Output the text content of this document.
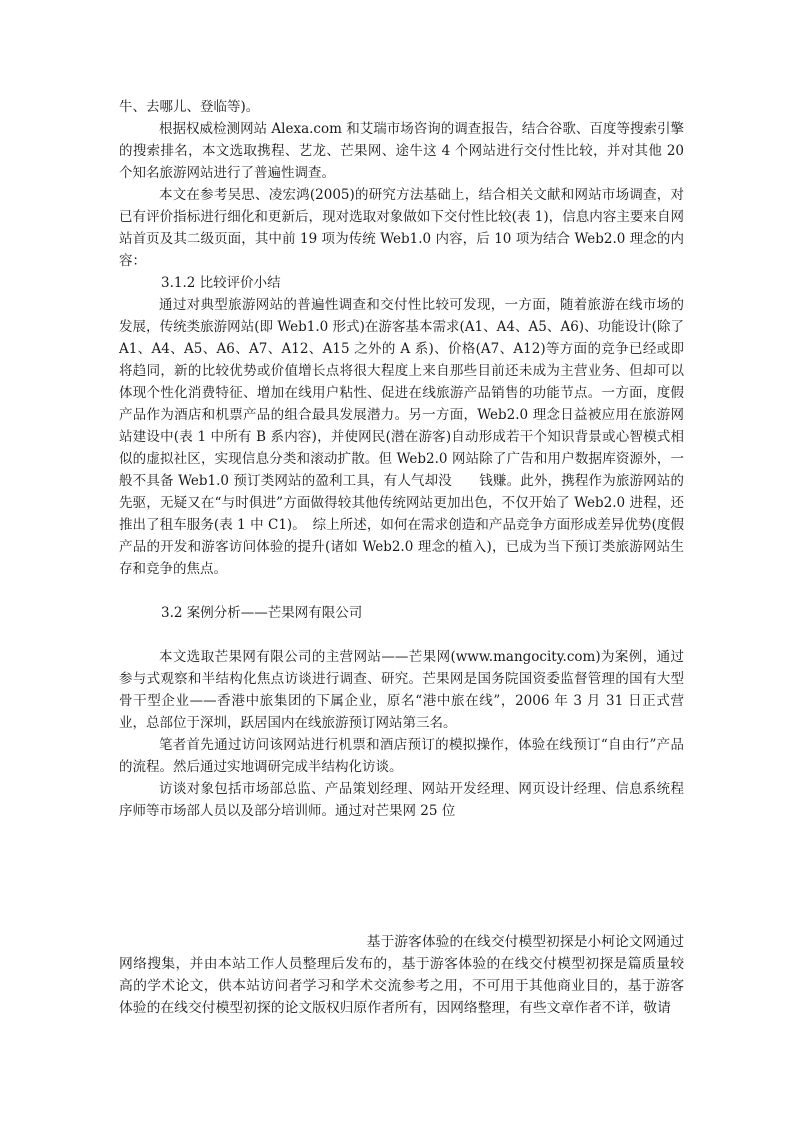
牛、去哪儿、登临等)。

根据权威检测网站 Alexa.com 和艾瑞市场咨询的调查报告，结合谷歌、百度等搜索引擎的搜索排名，本文选取携程、艺龙、芒果网、途牛这 4 个网站进行交付性比较，并对其他 20 个知名旅游网站进行了普遍性调查。

本文在参考吴思、凌宏鸿(2005)的研究方法基础上，结合相关文献和网站市场调查，对已有评价指标进行细化和更新后，现对选取对象做如下交付性比较(表 1)，信息内容主要来自网站首页及其二级页面，其中前 19 项为传统 Web1.0 内容，后 10 项为结合 Web2.0 理念的内容：

3.1.2 比较评价小结

通过对典型旅游网站的普遍性调查和交付性比较可发现，一方面，随着旅游在线市场的发展，传统类旅游网站(即 Web1.0 形式)在游客基本需求(A1、A4、A5、A6)、功能设计(除了 A1、A4、A5、A6、A7、A12、A15 之外的 A 系)、价格(A7、A12)等方面的竞争已经或即将趋同，新的比较优势或价值增长点将很大程度上来自那些目前还未成为主营业务、但却可以体现个性化消费特征、增加在线用户粘性、促进在线旅游产品销售的功能节点。一方面，度假产品作为酒店和机票产品的组合最具发展潜力。另一方面，Web2.0 理念日益被应用在旅游网站建设中(表 1 中所有 B 系内容)，并使网民(潜在游客)自动形成若干个知识背景或心智模式相似的虚拟社区，实现信息分类和滚动扩散。但 Web2.0 网站除了广告和用户数据库资源外，一般不具备 Web1.0 预订类网站的盈利工具，有人气却没　　钱赚。此外，携程作为旅游网站的先驱，无疑又在“与时俱进”方面做得较其他传统网站更加出色，不仅开始了 Web2.0 进程，还推出了租车服务(表 1 中 C1)。　综上所述，如何在需求创造和产品竞争方面形成差异优势(度假产品的开发和游客访问体验的提升(诸如 Web2.0 理念的植入)，已成为当下预订类旅游网站生存和竞争的焦点。

3.2 案例分析——芒果网有限公司

本文选取芒果网有限公司的主营网站——芒果网(www.mangocity.com)为案例，通过参与式观察和半结构化焦点访谈进行调查、研究。芒果网是国务院国资委监督管理的国有大型骨干型企业——香港中旅集团的下属企业，原名“港中旅在线”，2006 年 3 月 31 日正式营业，总部位于深圳，跃居国内在线旅游预订网站第三名。

笔者首先通过访问该网站进行机票和酒店预订的模拟操作，体验在线预订“自由行”产品的流程。然后通过实地调研完成半结构化访谈。

访谈对象包括市场部总监、产品策划经理、网站开发经理、网页设计经理、信息系统程序师等市场部人员以及部分培训师。通过对芒果网 25 位

基于游客体验的在线交付模型初探是小柯论文网通过
网络搜集，并由本站工作人员整理后发布的，基于游客体验的在线交付模型初探是篇质量较高的学术论文，供本站访问者学习和学术交流参考之用，不可用于其他商业目的，基于游客体验的在线交付模型初探的论文版权归原作者所有，因网络整理，有些文章作者不详，敬请
